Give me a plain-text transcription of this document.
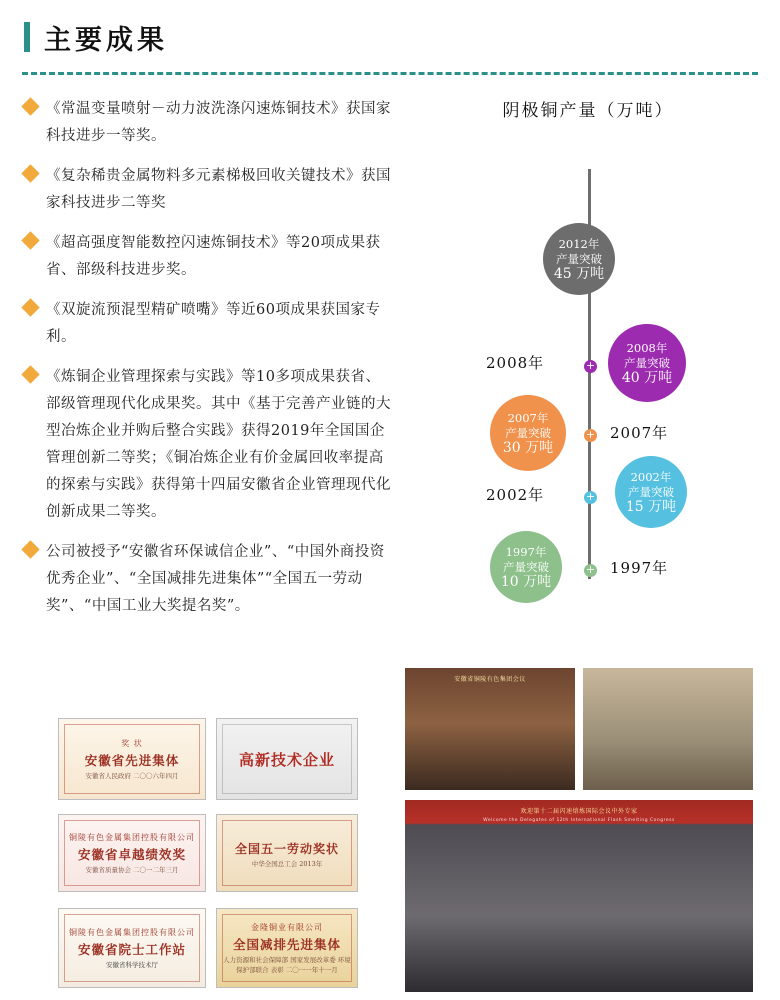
主要成果
《常温变量喷射－动力波洗涤闪速炼铜技术》获国家科技进步一等奖。
《复杂稀贵金属物料多元素梯极回收关键技术》获国家科技进步二等奖
《超高强度智能数控闪速炼铜技术》等20项成果获省、部级科技进步奖。
《双旋流预混型精矿喷嘴》等近60项成果获国家专利。
《炼铜企业管理探索与实践》等10多项成果获省、部级管理现代化成果奖。其中《基于完善产业链的大型冶炼企业并购后整合实践》获得2019年全国国企管理创新二等奖；《铜冶炼企业有价金属回收率提高的探索与实践》获得第十四届安徽省企业管理现代化创新成果二等奖。
公司被授予“安徽省环保诚信企业”、“中国外商投资优秀企业”、“全国减排先进集体”“全国五一劳动奖”、“中国工业大奖提名奖”。
阴极铜产量（万吨）
2012年
产量突破
45 万吨
+
2008年
产量突破
40 万吨
2008年
+
2007年
产量突破
30 万吨
2007年
+
2002年
产量突破
15 万吨
2002年
+
1997年
产量突破
10 万吨
1997年
奖 状
安徽省先进集体
安徽省人民政府 二〇〇六年四月
高新技术企业
铜陵有色金属集团控股有限公司
安徽省卓越绩效奖
安徽省质量协会 二〇一二年三月
全国五一劳动奖状
中华全国总工会 2013年
铜陵有色金属集团控股有限公司
安徽省院士工作站
安徽省科学技术厅
金隆铜业有限公司
全国减排先进集体
人力资源和社会保障部 国家发展改革委 环境保护部联合 表彰 二〇一一年十一月
安徽省铜陵有色集团会议
欢迎第十二届闪速熔炼国际会议中外专家
Welcome the Delegates of 12th International Flash Smelting Congress
